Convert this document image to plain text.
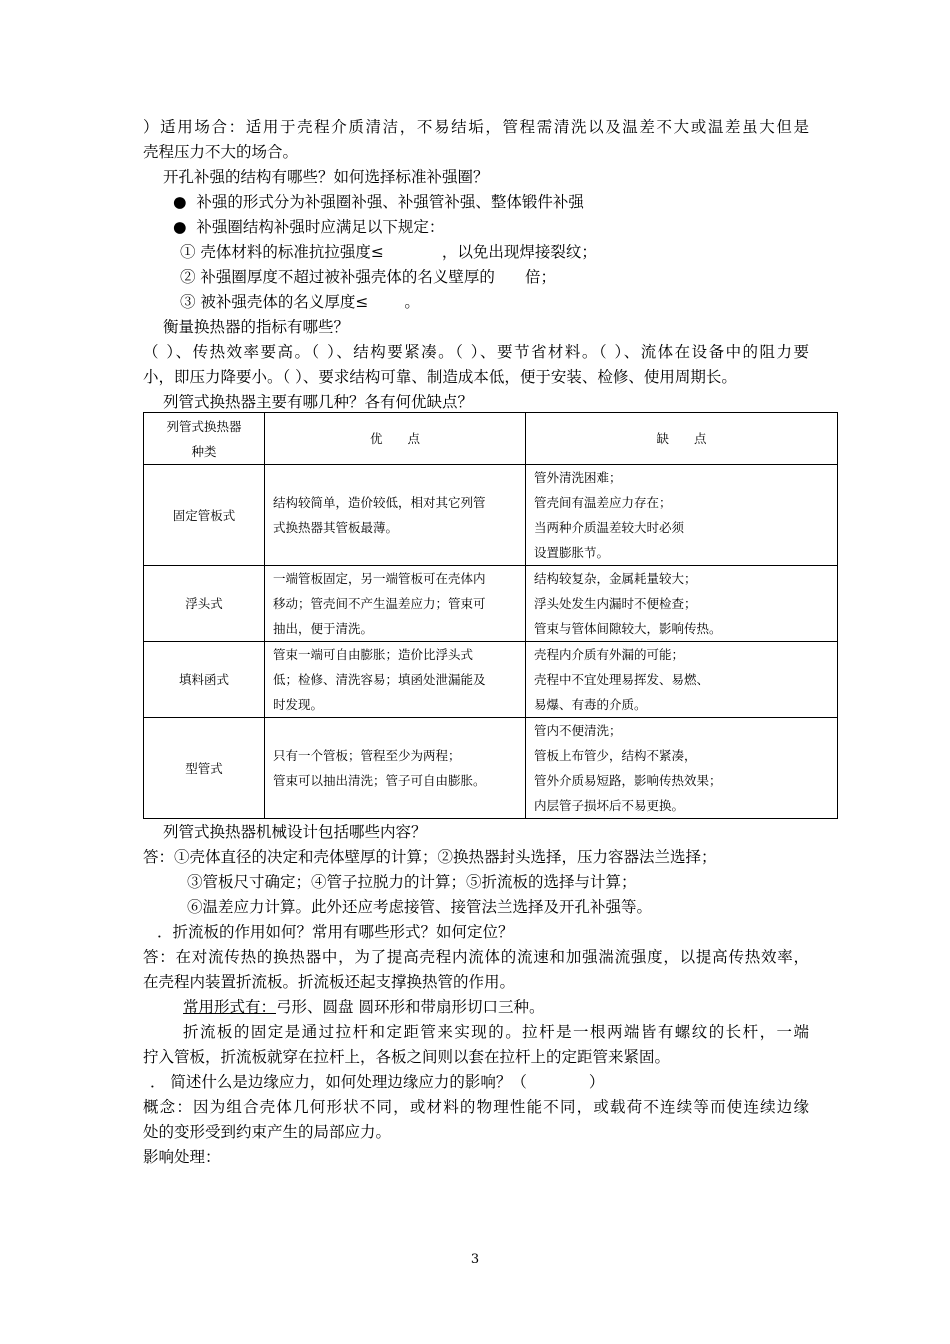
）适用场合：适用于壳程介质清洁，不易结垢，管程需清洗以及温差不大或温差虽大但是
壳程压力不大的场合。
开孔补强的结构有哪些？如何选择标准补强圈？
● 补强的形式分为补强圈补强、补强管补强、整体锻件补强
● 补强圈结构补强时应满足以下规定：
① 壳体材料的标准抗拉强度≤	，以免出现焊接裂纹；
② 补强圈厚度不超过被补强壳体的名义壁厚的 倍；
③ 被补强壳体的名义厚度≤ 。
衡量换热器的指标有哪些？
（ ）、传热效率要高。（ ）、结构要紧凑。（ ）、要节省材料。（ ）、流体在设备中的阻力要
小，即压力降要小。（ ）、要求结构可靠、制造成本低，便于安装、检修、使用周期长。
列管式换热器主要有哪几种？各有何优缺点？
列管式换热器
种类	优　　点	缺　　点
固定管板式	结构较简单，造价较低，相对其它列管
式换热器其管板最薄。	管外清洗困难；
管壳间有温差应力存在；
当两种介质温差较大时必须
设置膨胀节。

浮头式	一端管板固定，另一端管板可在壳体内
移动；管壳间不产生温差应力；管束可
抽出，便于清洗。	结构较复杂，金属耗量较大；
浮头处发生内漏时不便检查；
管束与管体间隙较大，影响传热。

填料函式	管束一端可自由膨胀；造价比浮头式
低；检修、清洗容易；填函处泄漏能及
时发现。	壳程内介质有外漏的可能；
壳程中不宜处理易挥发、易燃、
易爆、有毒的介质。

型管式	只有一个管板；管程至少为两程；
管束可以抽出清洗；管子可自由膨胀。	管内不便清洗；
管板上布管少，结构不紧凑，
管外介质易短路，影响传热效果；
内层管子损坏后不易更换。
列管式换热器机械设计包括哪些内容？
答：①壳体直径的决定和壳体壁厚的计算；②换热器封头选择，压力容器法兰选择；
③管板尺寸确定；④管子拉脱力的计算；⑤折流板的选择与计算；
⑥温差应力计算。此外还应考虑接管、接管法兰选择及开孔补强等。
．折流板的作用如何？常用有哪些形式？如何定位？
答：在对流传热的换热器中，为了提高壳程内流体的流速和加强湍流强度，以提高传热效率，
在壳程内装置折流板。折流板还起支撑换热管的作用。
常用形式有：弓形、圆盘 圆环形和带扇形切口三种。
折流板的固定是通过拉杆和定距管来实现的。拉杆是一根两端皆有螺纹的长杆，一端
拧入管板，折流板就穿在拉杆上，各板之间则以套在拉杆上的定距管来紧固。
． 简述什么是边缘应力，如何处理边缘应力的影响？（　　　　）
概念：因为组合壳体几何形状不同，或材料的物理性能不同，或载荷不连续等而使连续边缘
处的变形受到约束产生的局部应力。
影响处理：
3
